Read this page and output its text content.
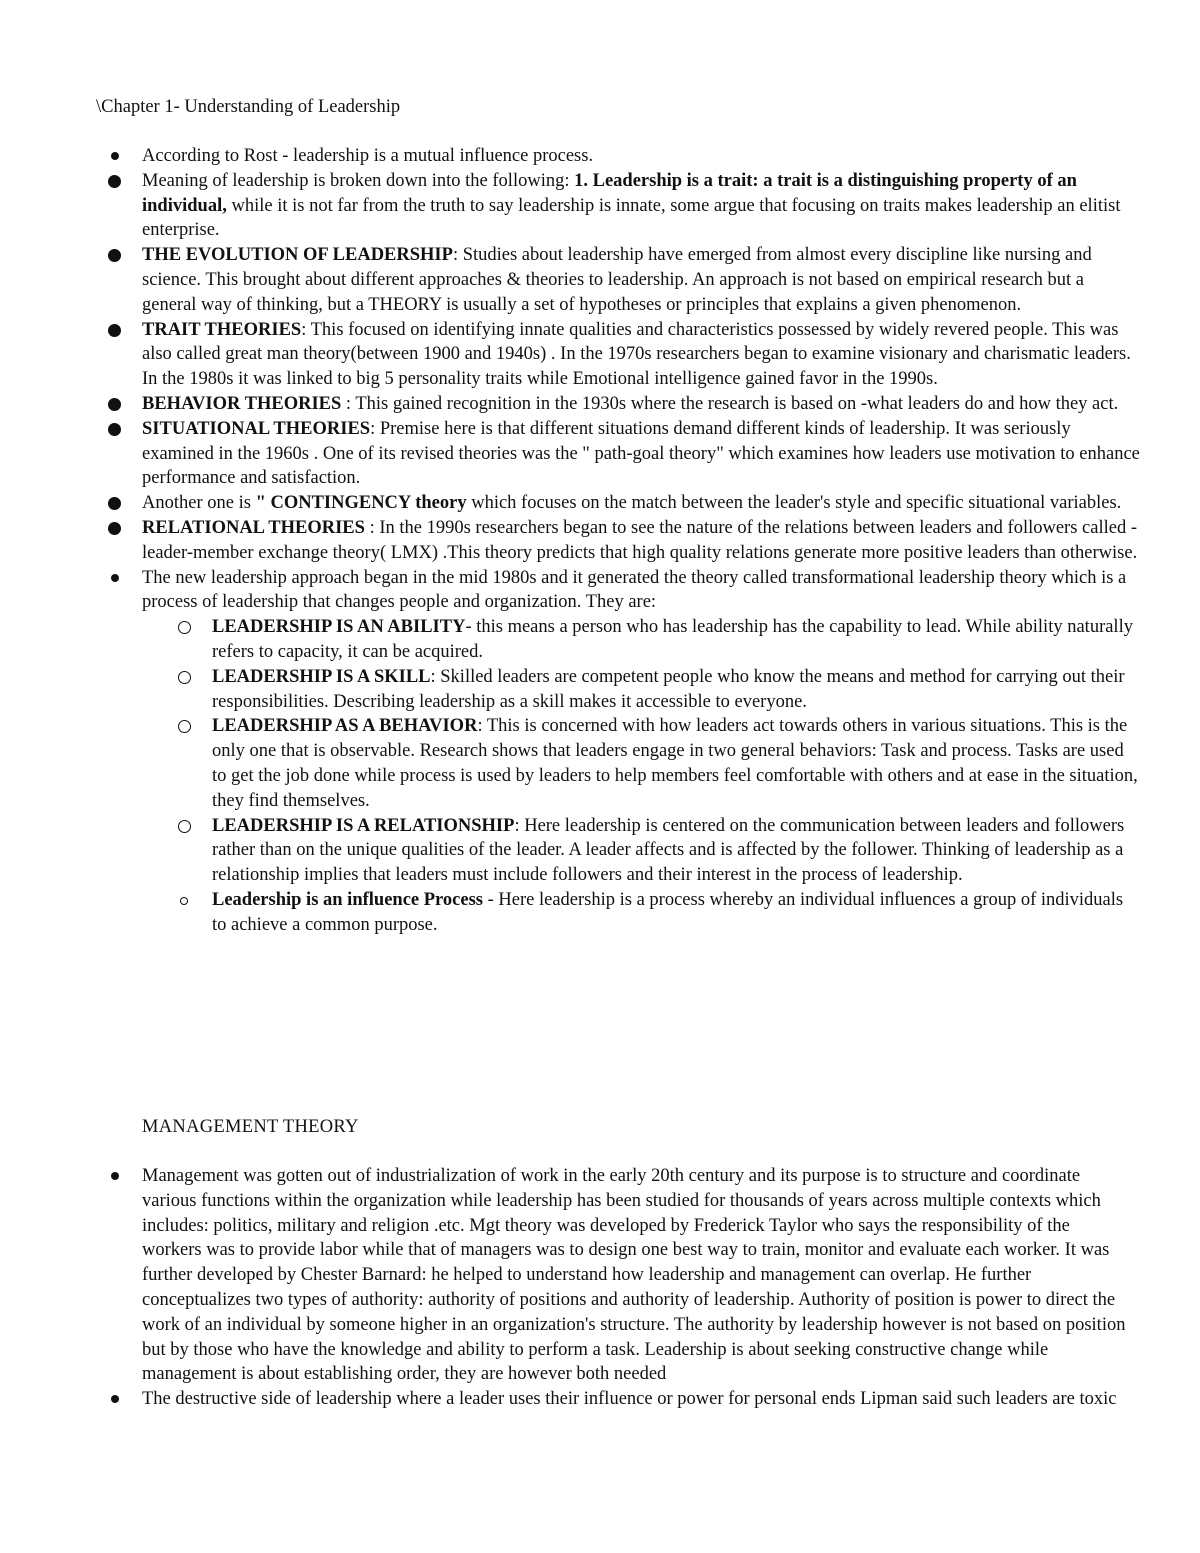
\Chapter 1- Understanding of Leadership
According to Rost - leadership is a mutual influence process.
Meaning of leadership is broken down into the following: 1. Leadership is a trait: a trait is a distinguishing property of an individual, while it is not far from the truth to say leadership is innate, some argue that focusing on traits makes leadership an elitist enterprise.
THE EVOLUTION OF LEADERSHIP: Studies about leadership have emerged from almost every discipline like nursing and science. This brought about different approaches & theories to leadership. An approach is not based on empirical research but a general way of thinking, but a THEORY is usually a set of hypotheses or principles that explains a given phenomenon.
TRAIT THEORIES: This focused on identifying innate qualities and characteristics possessed by widely revered people. This was also called great man theory(between 1900 and 1940s) . In the 1970s researchers began to examine visionary and charismatic leaders. In the 1980s it was linked to big 5 personality traits while Emotional intelligence gained favor in the 1990s.
BEHAVIOR THEORIES : This gained recognition in the 1930s where the research is based on -what leaders do and how they act.
SITUATIONAL THEORIES: Premise here is that different situations demand different kinds of leadership. It was seriously examined in the 1960s . One of its revised theories was the " path-goal theory" which examines how leaders use motivation to enhance performance and satisfaction.
Another one is " CONTINGENCY theory which focuses on the match between the leader's style and specific situational variables.
RELATIONAL THEORIES : In the 1990s researchers began to see the nature of the relations between leaders and followers called - leader-member exchange theory( LMX) .This theory predicts that high quality relations generate more positive leaders than otherwise.
The new leadership approach began in the mid 1980s and it generated the theory called transformational leadership theory which is a process of leadership that changes people and organization. They are:
LEADERSHIP IS AN ABILITY- this means a person who has leadership has the capability to lead. While ability naturally refers to capacity, it can be acquired.
LEADERSHIP IS A SKILL: Skilled leaders are competent people who know the means and method for carrying out their responsibilities. Describing leadership as a skill makes it accessible to everyone.
LEADERSHIP AS A BEHAVIOR: This is concerned with how leaders act towards others in various situations. This is the only one that is observable. Research shows that leaders engage in two general behaviors: Task and process. Tasks are used to get the job done while process is used by leaders to help members feel comfortable with others and at ease in the situation, they find themselves.
LEADERSHIP IS A RELATIONSHIP: Here leadership is centered on the communication between leaders and followers rather than on the unique qualities of the leader. A leader affects and is affected by the follower. Thinking of leadership as a relationship implies that leaders must include followers and their interest in the process of leadership.
Leadership is an influence Process - Here leadership is a process whereby an individual influences a group of individuals to achieve a common purpose.
MANAGEMENT THEORY
Management was gotten out of industrialization of work in the early 20th century and its purpose is to structure and coordinate various functions within the organization while leadership has been studied for thousands of years across multiple contexts which includes: politics, military and religion .etc. Mgt theory was developed by Frederick Taylor who says the responsibility of the workers was to provide labor while that of managers was to design one best way to train, monitor and evaluate each worker. It was further developed by Chester Barnard: he helped to understand how leadership and management can overlap. He further conceptualizes two types of authority: authority of positions and authority of leadership. Authority of position is power to direct the work of an individual by someone higher in an organization's structure. The authority by leadership however is not based on position but by those who have the knowledge and ability to perform a task. Leadership is about seeking constructive change while management is about establishing order, they are however both needed
The destructive side of leadership where a leader uses their influence or power for personal ends Lipman said such leaders are toxic
